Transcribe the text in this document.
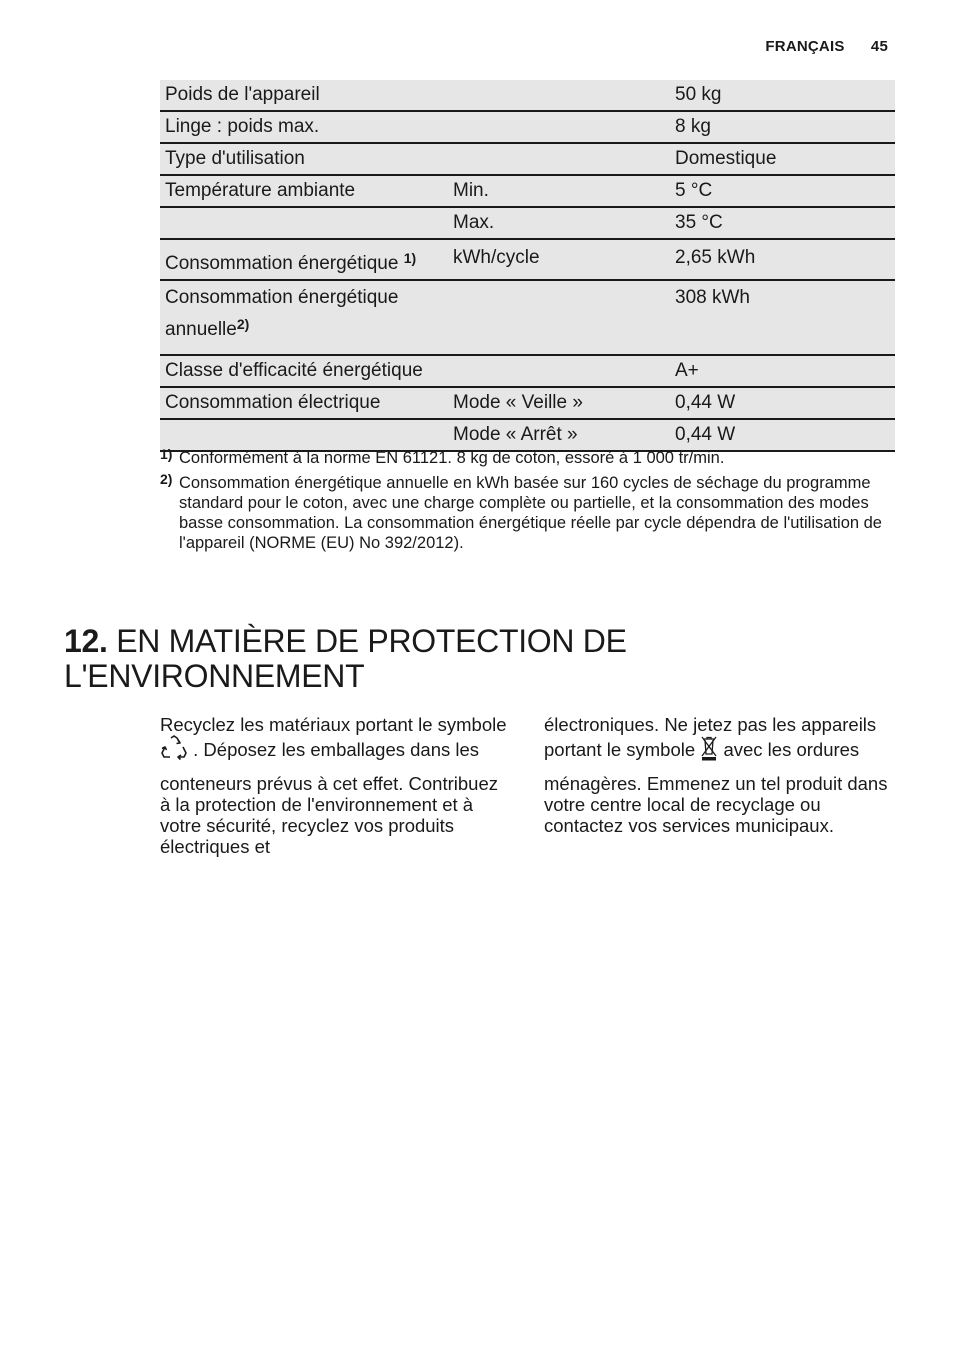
FRANÇAIS 45
Poids de l'appareil		50 kg
Linge : poids max.		8 kg
Type d'utilisation		Domestique
Température ambiante	Min.	5 °C
	Max.	35 °C
Consommation énergétique $^{1)}$	kWh/cycle	2,65 kWh
Consommation énergétique
annuelle$^{2)}$		308 kWh
Classe d'efficacité énergétique		A+
Consommation électrique	Mode « Veille »	0,44 W
	Mode « Arrêt »	0,44 W
1) Conformément à la norme EN 61121. 8 kg de coton, essoré à 1 000 tr/min.
2) Consommation énergétique annuelle en kWh basée sur 160 cycles de séchage du programme standard pour le coton, avec une charge complète ou partielle, et la consommation des modes basse consommation. La consommation énergétique réelle par cycle dépendra de l'utilisation de l'appareil (NORME (EU) No 392/2012).
12. EN MATIÈRE DE PROTECTION DE L'ENVIRONNEMENT

Recyclez les matériaux portant le symbole
. Déposez les emballages dans les
conteneurs prévus à cet effet. Contribuez à la protection de l'environnement et à votre sécurité, recyclez vos produits électriques et

électroniques. Ne jetez pas les appareils portant le symbole avec les ordures
ménagères. Emmenez un tel produit dans votre centre local de recyclage ou contactez vos services municipaux.
